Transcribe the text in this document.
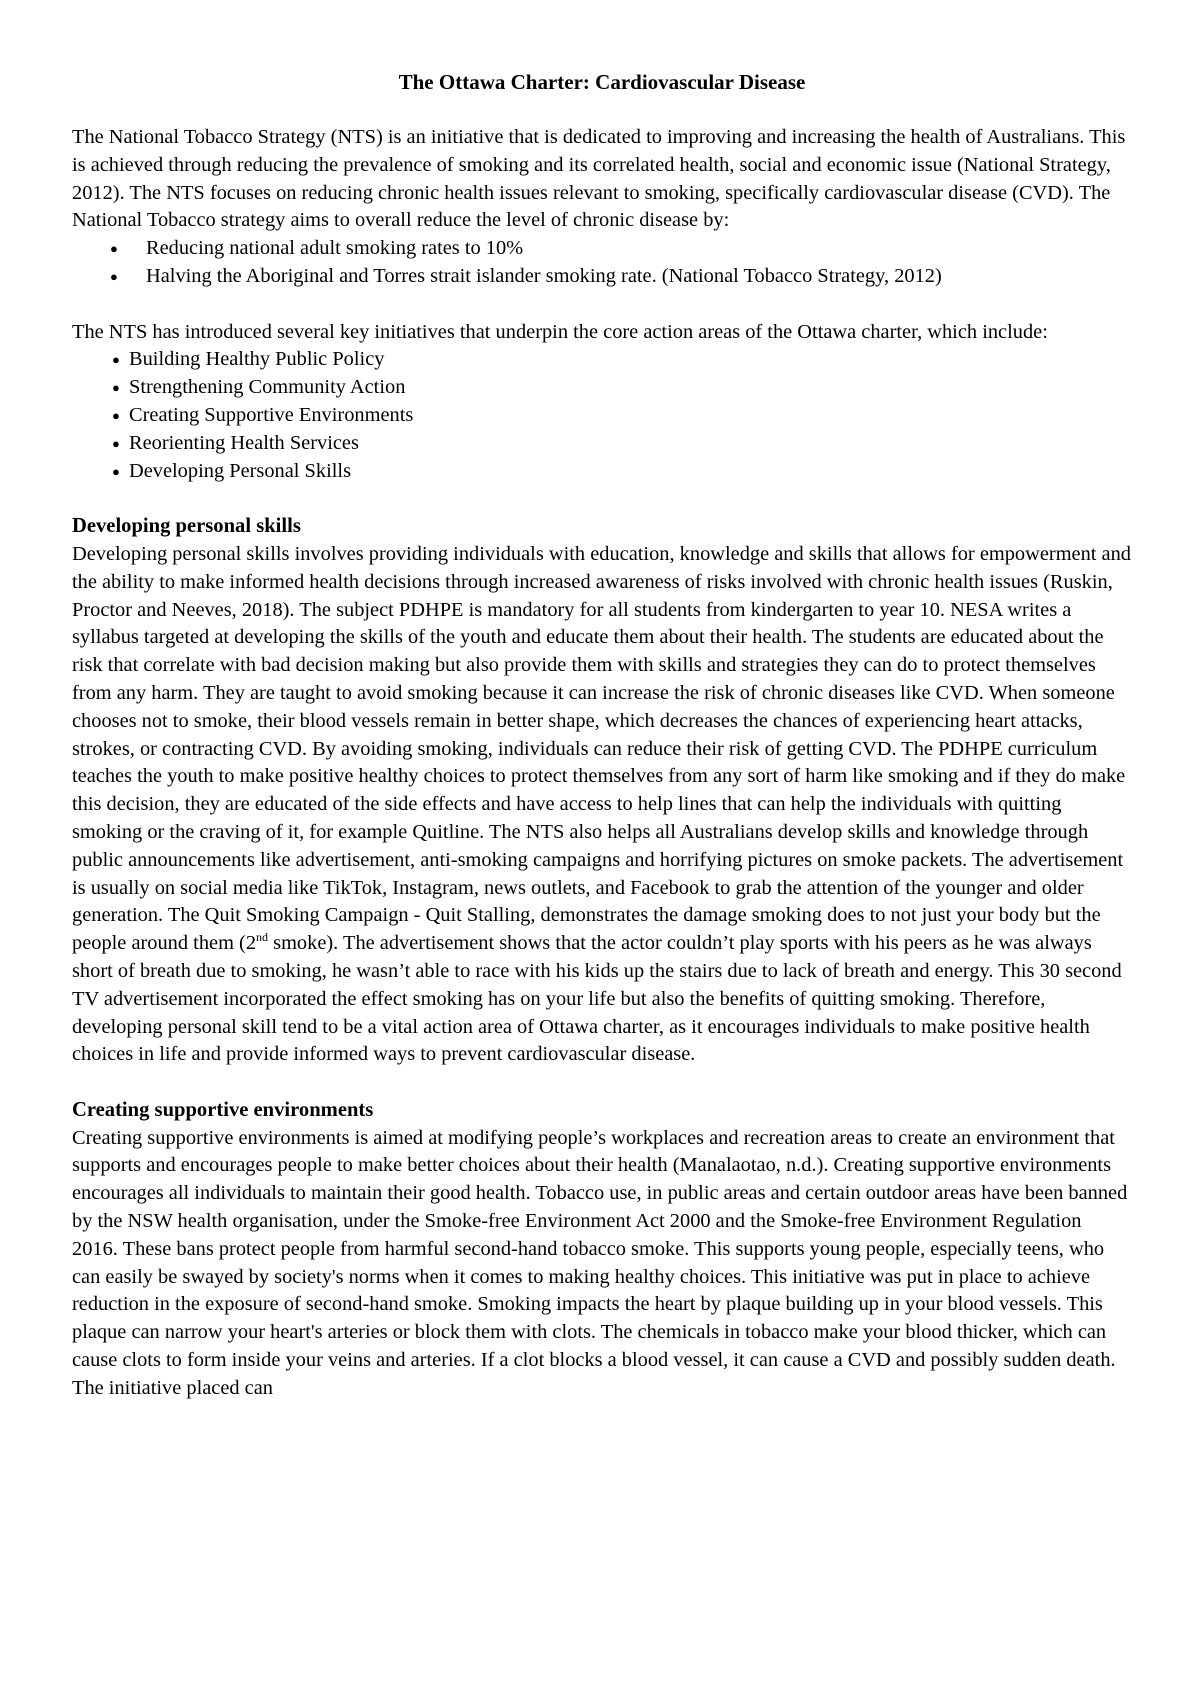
The Ottawa Charter: Cardiovascular Disease

The National Tobacco Strategy (NTS) is an initiative that is dedicated to improving and increasing the health of Australians. This is achieved through reducing the prevalence of smoking and its correlated health, social and economic issue (National Strategy, 2012). The NTS focuses on reducing chronic health issues relevant to smoking, specifically cardiovascular disease (CVD). The National Tobacco strategy aims to overall reduce the level of chronic disease by:

● Reducing national adult smoking rates to 10%
● Halving the Aboriginal and Torres strait islander smoking rate. (National Tobacco Strategy, 2012)

The NTS has introduced several key initiatives that underpin the core action areas of the Ottawa charter, which include:

● Building Healthy Public Policy
● Strengthening Community Action
● Creating Supportive Environments
● Reorienting Health Services
● Developing Personal Skills
Developing personal skills

Developing personal skills involves providing individuals with education, knowledge and skills that allows for empowerment and the ability to make informed health decisions through increased awareness of risks involved with chronic health issues (Ruskin, Proctor and Neeves, 2018). The subject PDHPE is mandatory for all students from kindergarten to year 10. NESA writes a syllabus targeted at developing the skills of the youth and educate them about their health. The students are educated about the risk that correlate with bad decision making but also provide them with skills and strategies they can do to protect themselves from any harm. They are taught to avoid smoking because it can increase the risk of chronic diseases like CVD. When someone chooses not to smoke, their blood vessels remain in better shape, which decreases the chances of experiencing heart attacks, strokes, or contracting CVD. By avoiding smoking, individuals can reduce their risk of getting CVD. The PDHPE curriculum teaches the youth to make positive healthy choices to protect themselves from any sort of harm like smoking and if they do make this decision, they are educated of the side effects and have access to help lines that can help the individuals with quitting smoking or the craving of it, for example Quitline. The NTS also helps all Australians develop skills and knowledge through public announcements like advertisement, anti-smoking campaigns and horrifying pictures on smoke packets. The advertisement is usually on social media like TikTok, Instagram, news outlets, and Facebook to grab the attention of the younger and older generation. The Quit Smoking Campaign - Quit Stalling, demonstrates the damage smoking does to not just your body but the people around them (2nd smoke). The advertisement shows that the actor couldn’t play sports with his peers as he was always short of breath due to smoking, he wasn’t able to race with his kids up the stairs due to lack of breath and energy. This 30 second TV advertisement incorporated the effect smoking has on your life but also the benefits of quitting smoking. Therefore, developing personal skill tend to be a vital action area of Ottawa charter, as it encourages individuals to make positive health choices in life and provide informed ways to prevent cardiovascular disease.

Creating supportive environments

Creating supportive environments is aimed at modifying people’s workplaces and recreation areas to create an environment that supports and encourages people to make better choices about their health (Manalaotao, n.d.). Creating supportive environments encourages all individuals to maintain their good health. Tobacco use, in public areas and certain outdoor areas have been banned by the NSW health organisation, under the Smoke-free Environment Act 2000 and the Smoke-free Environment Regulation 2016. These bans protect people from harmful second-hand tobacco smoke. This supports young people, especially teens, who can easily be swayed by society's norms when it comes to making healthy choices. This initiative was put in place to achieve reduction in the exposure of second-hand smoke. Smoking impacts the heart by plaque building up in your blood vessels. This plaque can narrow your heart's arteries or block them with clots. The chemicals in tobacco make your blood thicker, which can cause clots to form inside your veins and arteries. If a clot blocks a blood vessel, it can cause a CVD and possibly sudden death. The initiative placed can
